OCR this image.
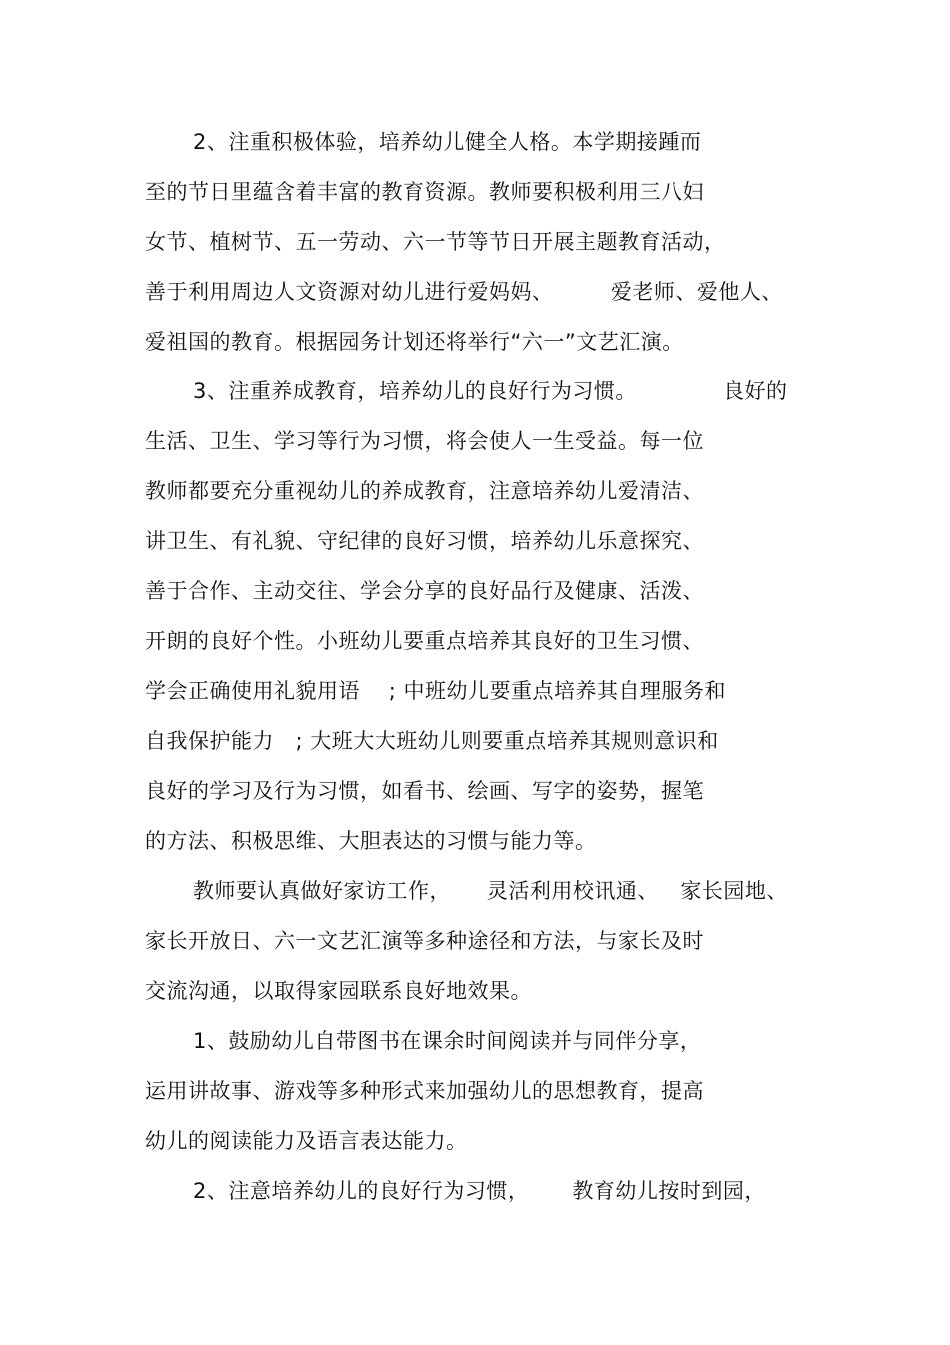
2、注重积极体验，培养幼儿健全人格。本学期接踵而
至的节日里蕴含着丰富的教育资源。教师要积极利用三八妇
女节、植树节、五一劳动、六一节等节日开展主题教育活动，
善于利用周边人文资源对幼儿进行爱妈妈、        爱老师、爱他人、
爱祖国的教育。根据园务计划还将举行“六一”文艺汇演。
3、注重养成教育，培养幼儿的良好行为习惯。            良好的
生活、卫生、学习等行为习惯，将会使人一生受益。每一位
教师都要充分重视幼儿的养成教育，注意培养幼儿爱清洁、
讲卫生、有礼貌、守纪律的良好习惯，培养幼儿乐意探究、
善于合作、主动交往、学会分享的良好品行及健康、活泼、
开朗的良好个性。小班幼儿要重点培养其良好的卫生习惯、
学会正确使用礼貌用语    ; 中班幼儿要重点培养其自理服务和
自我保护能力   ; 大班大大班幼儿则要重点培养其规则意识和
良好的学习及行为习惯，如看书、绘画、写字的姿势，握笔
的方法、积极思维、大胆表达的习惯与能力等。
教师要认真做好家访工作，     灵活利用校讯通、   家长园地、
家长开放日、六一文艺汇演等多种途径和方法，与家长及时
交流沟通，以取得家园联系良好地效果。
1、鼓励幼儿自带图书在课余时间阅读并与同伴分享，
运用讲故事、游戏等多种形式来加强幼儿的思想教育，提高
幼儿的阅读能力及语言表达能力。
2、注意培养幼儿的良好行为习惯，      教育幼儿按时到园，
